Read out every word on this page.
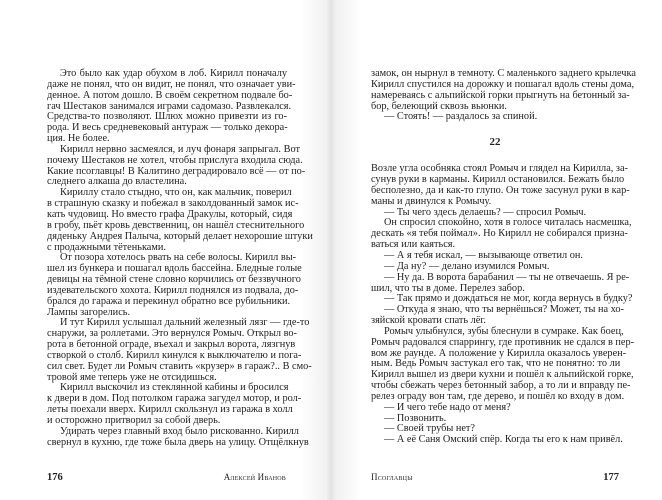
Это было как удар обухом в лоб. Кирилл поначалу
даже не понял, что он видит, не понял, что означает уви-
денное. А потом дошло. В своём секретном подвале бо-
гач Шестаков занимался играми садомазо. Развлекался.
Средства-то позволяют. Шлюх можно привезти из го-
рода. И весь средневековый антураж — только декора-
ция. Не более.
Кирилл нервно засмеялся, и луч фонаря запрыгал. Вот
почему Шестаков не хотел, чтобы прислуга входила сюда.
Какие псоглавцы! В Калитино деградировало всё — от по-
следнего алкаша до властелина.
Кириллу стало стыдно, что он, как мальчик, поверил
в страшную сказку и побежал в заколдованный замок ис-
кать чудовищ. Но вместо графа Дракулы, который, сидя
в гробу, пьёт кровь девственниц, он нашёл стеснительного
дяденьку Андрея Палыча, который делает нехорошие штуки
с продажными тётеньками.
От позора хотелось рвать на себе волосы. Кирилл вы-
шел из бункера и пошагал вдоль бассейна. Бледные голые
девицы на тёмной стене словно корчились от беззвучного
издевательского хохота. Кирилл поднялся из подвала, до-
брался до гаража и перекинул обратно все рубильники.
Лампы загорелись.
И тут Кирилл услышал дальний железный лязг — где-то
снаружи, за роллетами. Это вернулся Ромыч. Открыл во-
рота в бетонной ограде, въехал и закрыл ворота, лязгнув
створкой о столб. Кирилл кинулся к выключателю и пога-
сил свет. Будет ли Ромыч ставить «крузер» в гараж?.. В смо-
тровой яме теперь уже не отсидишься.
Кирилл выскочил из стеклянной кабины и бросился
к двери в дом. Под потолком гаража загудел мотор, и рол-
леты поехали вверх. Кирилл скользнул из гаража в холл
и осторожно притворил за собой дверь.
Удирать через главный вход было рискованно. Кирилл
свернул в кухню, где тоже была дверь на улицу. Отщёлкнув
176	Алексей Иванов
замок, он нырнул в темноту. С маленького заднего крылечка
Кирилл спустился на дорожку и пошагал вдоль стены дома,
намереваясь с альпийской горки прыгнуть на бетонный за-
бор, белеющий сквозь вьюнки.
— Стоять! — раздалось за спиной.
22
Возле угла особняка стоял Ромыч и глядел на Кирилла, за-
сунув руки в карманы. Кирилл остановился. Бежать было
бесполезно, да и как-то глупо. Он тоже засунул руки в кар-
маны и двинулся к Ромычу.
— Ты чего здесь делаешь? — спросил Ромыч.
Он спросил спокойно, хотя в голосе читалась насмешка,
дескать «я тебя поймал». Но Кирилл не собирался призна-
ваться или каяться.
— А я тебя искал, — вызывающе ответил он.
— Да ну? — делано изумился Ромыч.
— Ну да. В ворота барабанил — ты не отвечаешь. Я ре-
шил, что ты в доме. Перелез забор.
— Так прямо и дождаться не мог, когда вернусь в будку?
— Откуда я знаю, что ты вернёшься? Может, ты на хо-
зяйской кровати спать лёг.
Ромыч улыбнулся, зубы блеснули в сумраке. Как боец,
Ромыч радовался спаррингу, где противник не сдался в пер-
вом же раунде. А положение у Кирилла оказалось уверен-
ным. Ведь Ромыч застукал его так, что не понятно: то ли
Кирилл вышел из двери кухни и пошёл к альпийской горке,
чтобы сбежать через бетонный забор, а то ли и вправду пе-
релез ограду вон там, где дерево, и пошёл ко входу в дом.
— И чего тебе надо от меня?
— Позвонить.
— Своей трубы нет?
— А её Саня Омский спёр. Когда ты его к нам привёл.
Псоглавцы	177
